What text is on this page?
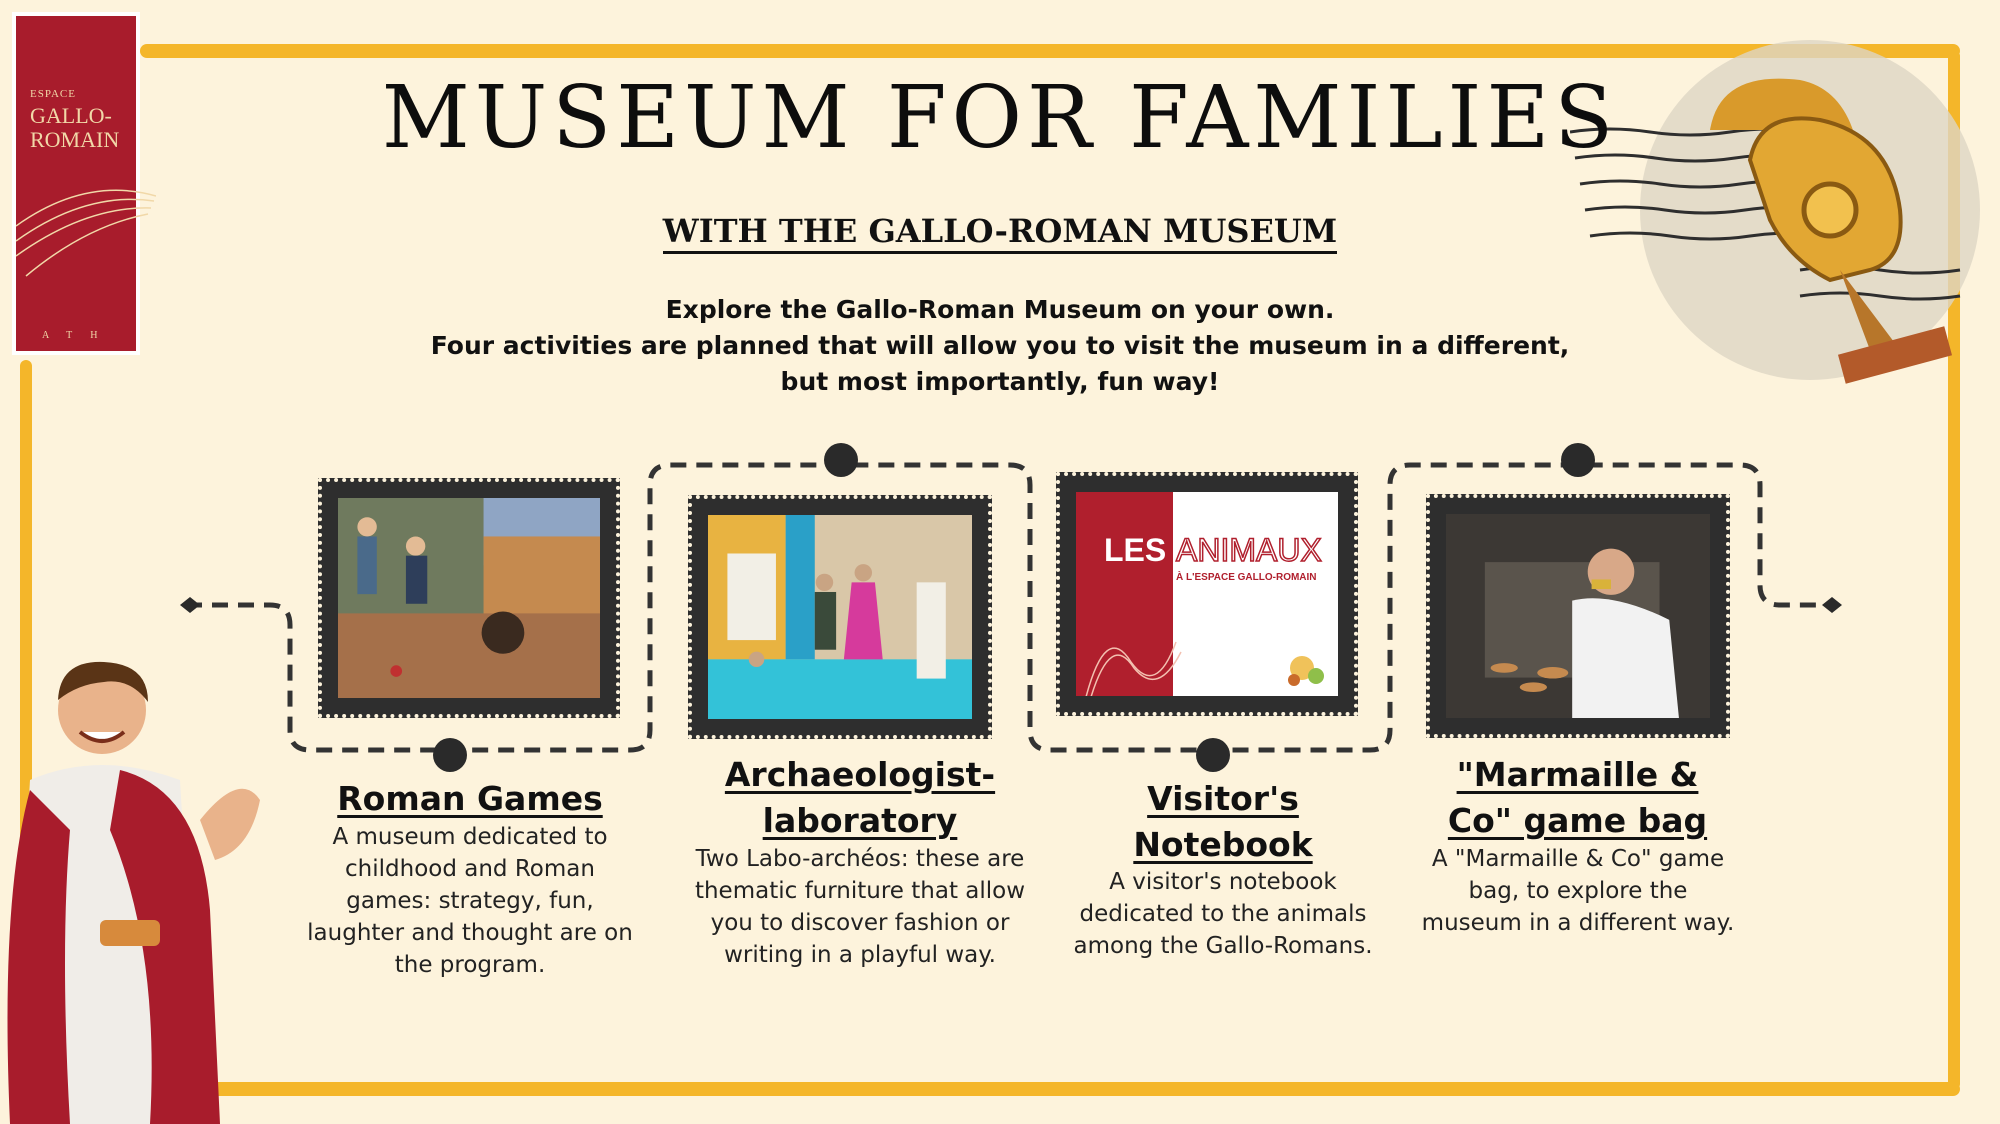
ESPACE
GALLO-ROMAIN
ATH
MUSEUM FOR FAMILIES
WITH THE GALLO-ROMAN MUSEUM
Explore the Gallo-Roman Museum on your own.
Four activities are planned that will allow you to visit the museum in a different,
but most importantly, fun way!
LES ANIMAUX
À L'ESPACE GALLO-ROMAIN
Roman Games
A museum dedicated to childhood and Roman games: strategy, fun, laughter and thought are on the program.
Archaeologist-laboratory
Two Labo-archéos: these are thematic furniture that allow you to discover fashion or writing in a playful way.
Visitor's Notebook
A visitor's notebook dedicated to the animals among the Gallo-Romans.
"Marmaille & Co" game bag
A "Marmaille & Co" game bag, to explore the museum in a different way.
